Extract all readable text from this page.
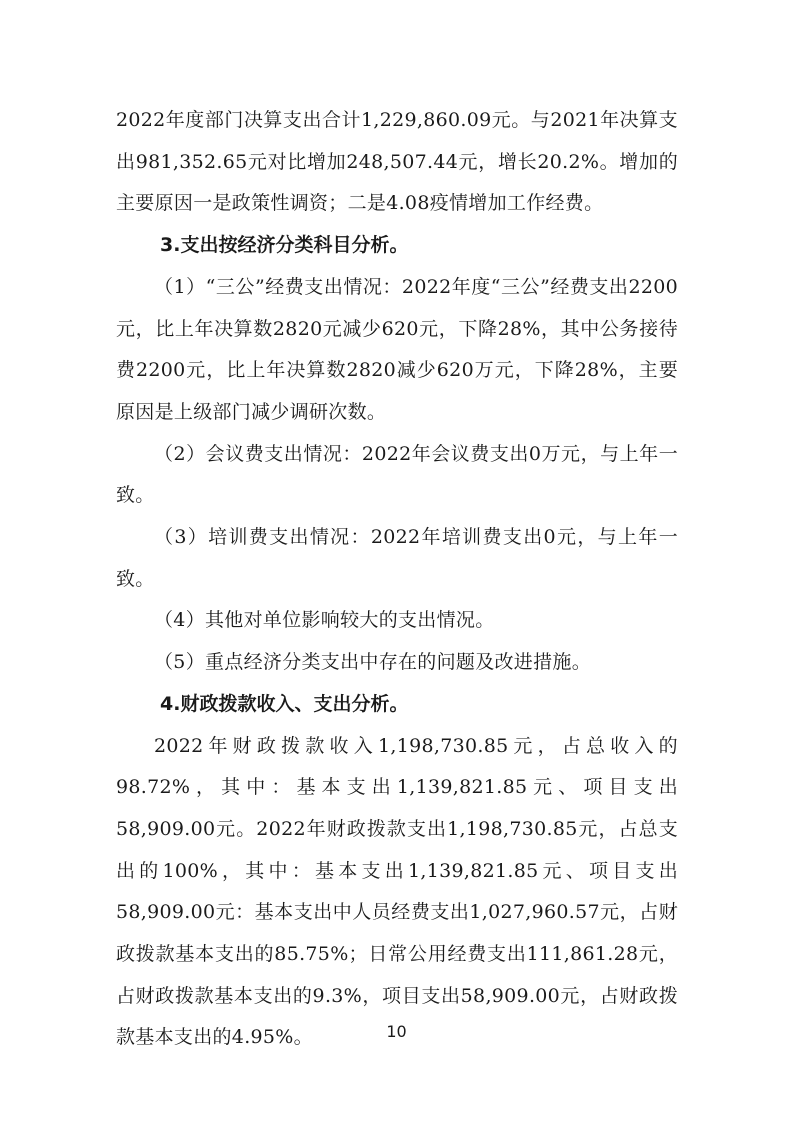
2022年度部门决算支出合计1,229,860.09元。与2021年决算支出981,352.65元对比增加248,507.44元，增长20.2%。增加的主要原因一是政策性调资；二是4.08疫情增加工作经费。

3.支出按经济分类科目分析。

（1）“三公”经费支出情况：2022年度“三公”经费支出2200元，比上年决算数2820元减少620元，下降28%，其中公务接待费2200元，比上年决算数2820减少620万元，下降28%，主要原因是上级部门减少调研次数。

（2）会议费支出情况：2022年会议费支出0万元，与上年一致。

（3）培训费支出情况：2022年培训费支出0元，与上年一致。

（4）其他对单位影响较大的支出情况。

（5）重点经济分类支出中存在的问题及改进措施。

4.财政拨款收入、支出分析。

2022年财政拨款收入1,198,730.85元，占总收入的98.72%，其中：基本支出1,139,821.85元、项目支出58,909.00元。2022年财政拨款支出1,198,730.85元，占总支出的100%，其中：基本支出1,139,821.85元、项目支出58,909.00元：基本支出中人员经费支出1,027,960.57元，占财政拨款基本支出的85.75%；日常公用经费支出111,861.28元，占财政拨款基本支出的9.3%，项目支出58,909.00元，占财政拨款基本支出的4.95%。	10
